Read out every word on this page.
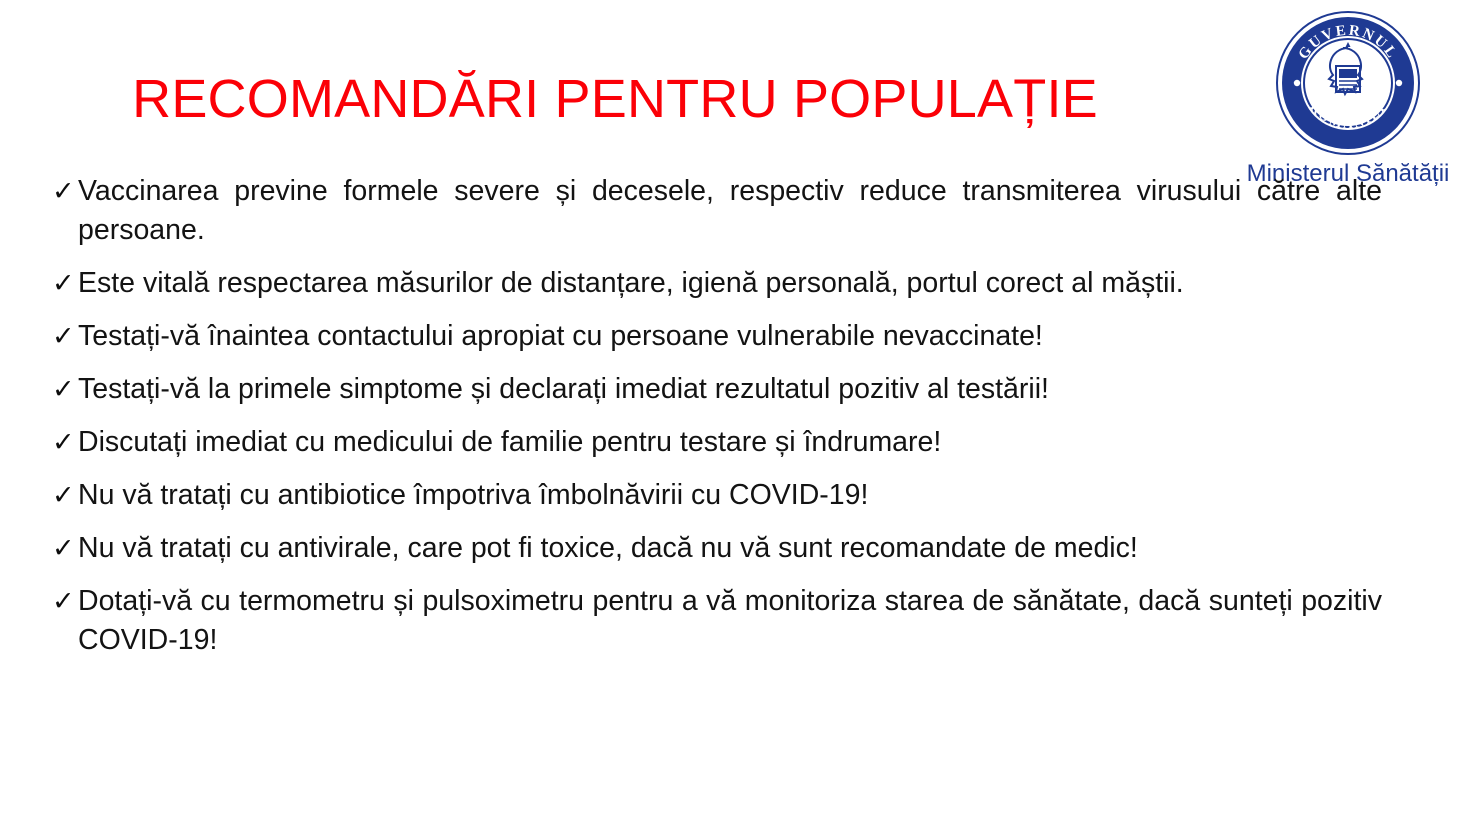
RECOMANDĂRI PENTRU POPULAȚIE
GUVERNUL
ROMÂNIEI
Ministerul Sănătății
✓ Vaccinarea previne formele severe și decesele, respectiv reduce transmiterea virusului către alte persoane.
✓ Este vitală respectarea măsurilor de distanțare, igienă personală, portul corect al măștii.
✓ Testați-vă înaintea contactului apropiat cu persoane vulnerabile nevaccinate!
✓ Testați-vă la primele simptome și declarați imediat rezultatul pozitiv al testării!
✓ Discutați imediat cu medicului de familie pentru testare și îndrumare!
✓ Nu vă tratați cu antibiotice împotriva îmbolnăvirii cu COVID-19!
✓ Nu vă tratați cu antivirale, care pot fi toxice, dacă nu vă sunt recomandate de medic!
✓ Dotați-vă cu termometru și pulsoximetru pentru a vă monitoriza starea de sănătate, dacă sunteți pozitiv COVID-19!
